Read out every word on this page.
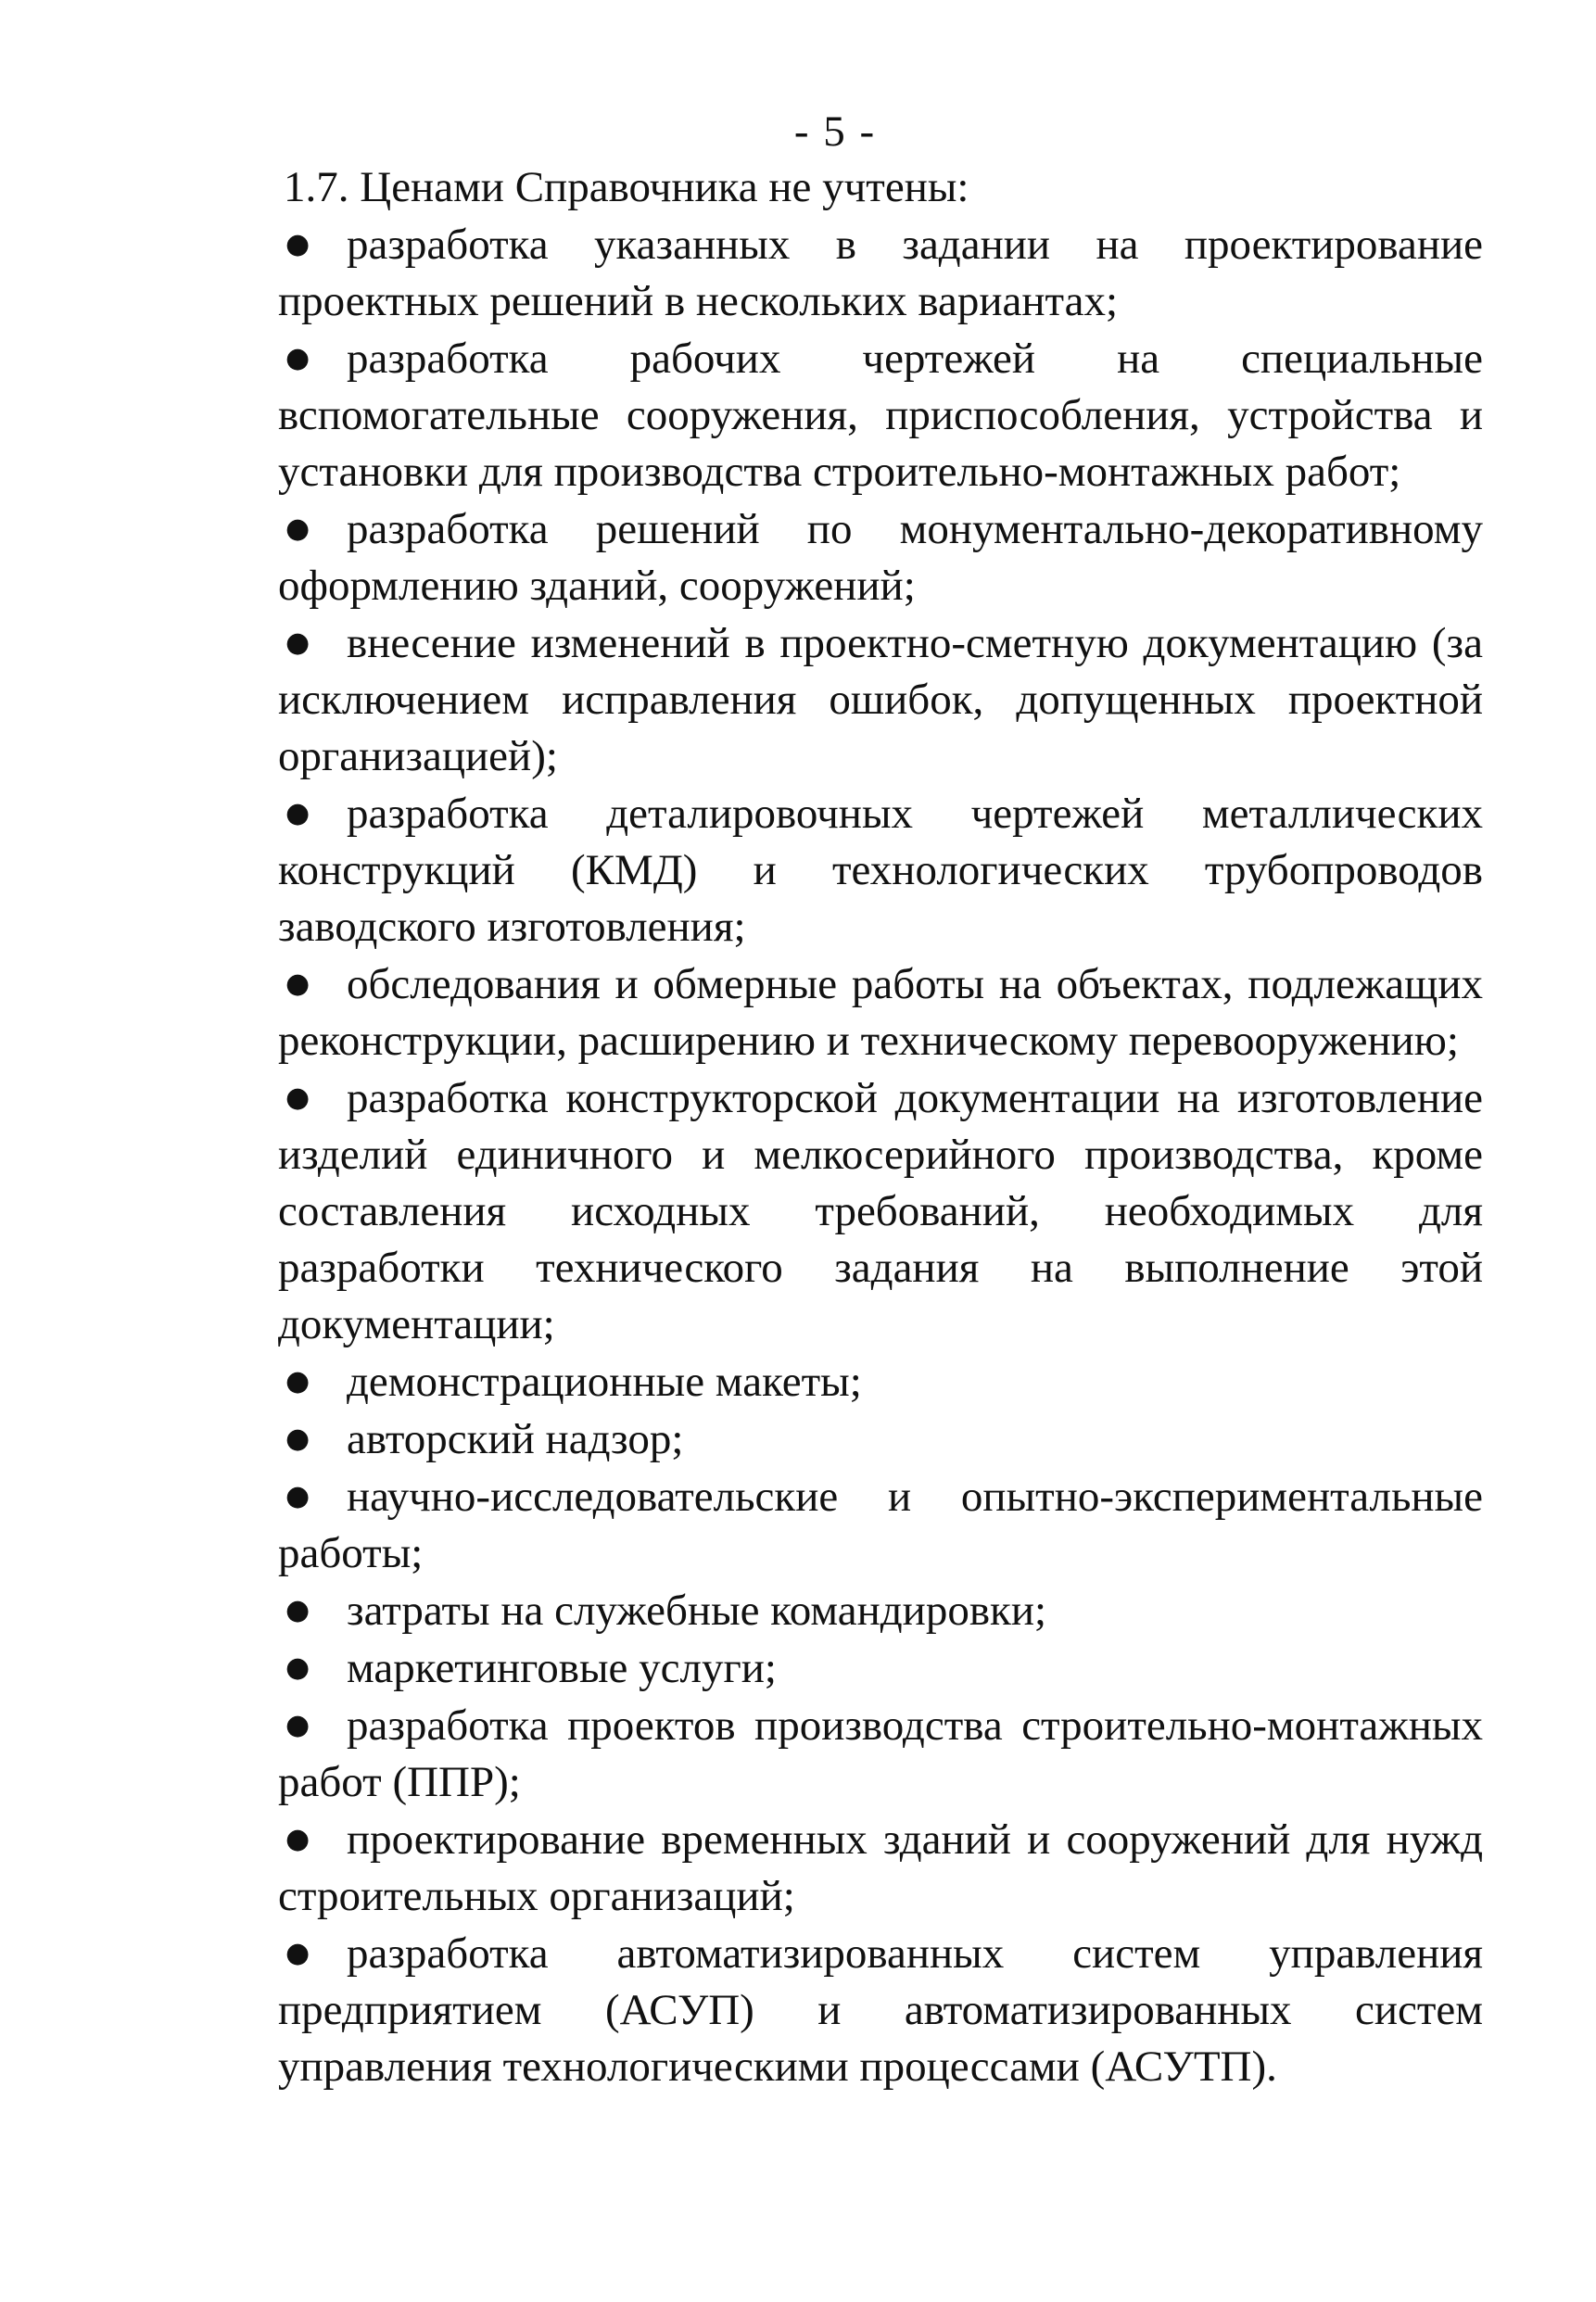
- 5 -

1.7. Ценами Справочника не учтены:

● разработка указанных в задании на проектирование проектных решений в нескольких вариантах;

● разработка рабочих чертежей на специальные вспомогательные сооружения, приспособления, устройства и установки для производства строительно-монтажных работ;

● разработка решений по монументально-декоративному оформлению зданий, сооружений;

● внесение изменений в проектно-сметную документацию (за исключением исправления ошибок, допущенных проектной организацией);

● разработка деталировочных чертежей металлических конструкций (КМД) и технологических трубопроводов заводского изготовления;

● обследования и обмерные работы на объектах, подлежащих реконструкции, расширению и техническому перевооружению;

● разработка конструкторской документации на изготовление изделий единичного и мелкосерийного производства, кроме составления исходных требований, необходимых для разработки технического задания на выполнение этой документации;

● демонстрационные макеты;

● авторский надзор;

● научно-исследовательские и опытно-экспериментальные работы;

● затраты на служебные командировки;

● маркетинговые услуги;

● разработка проектов производства строительно-монтажных работ (ППР);

● проектирование временных зданий и сооружений для нужд строительных организаций;

● разработка автоматизированных систем управления предприятием (АСУП) и автоматизированных систем управления технологическими процессами (АСУТП).
